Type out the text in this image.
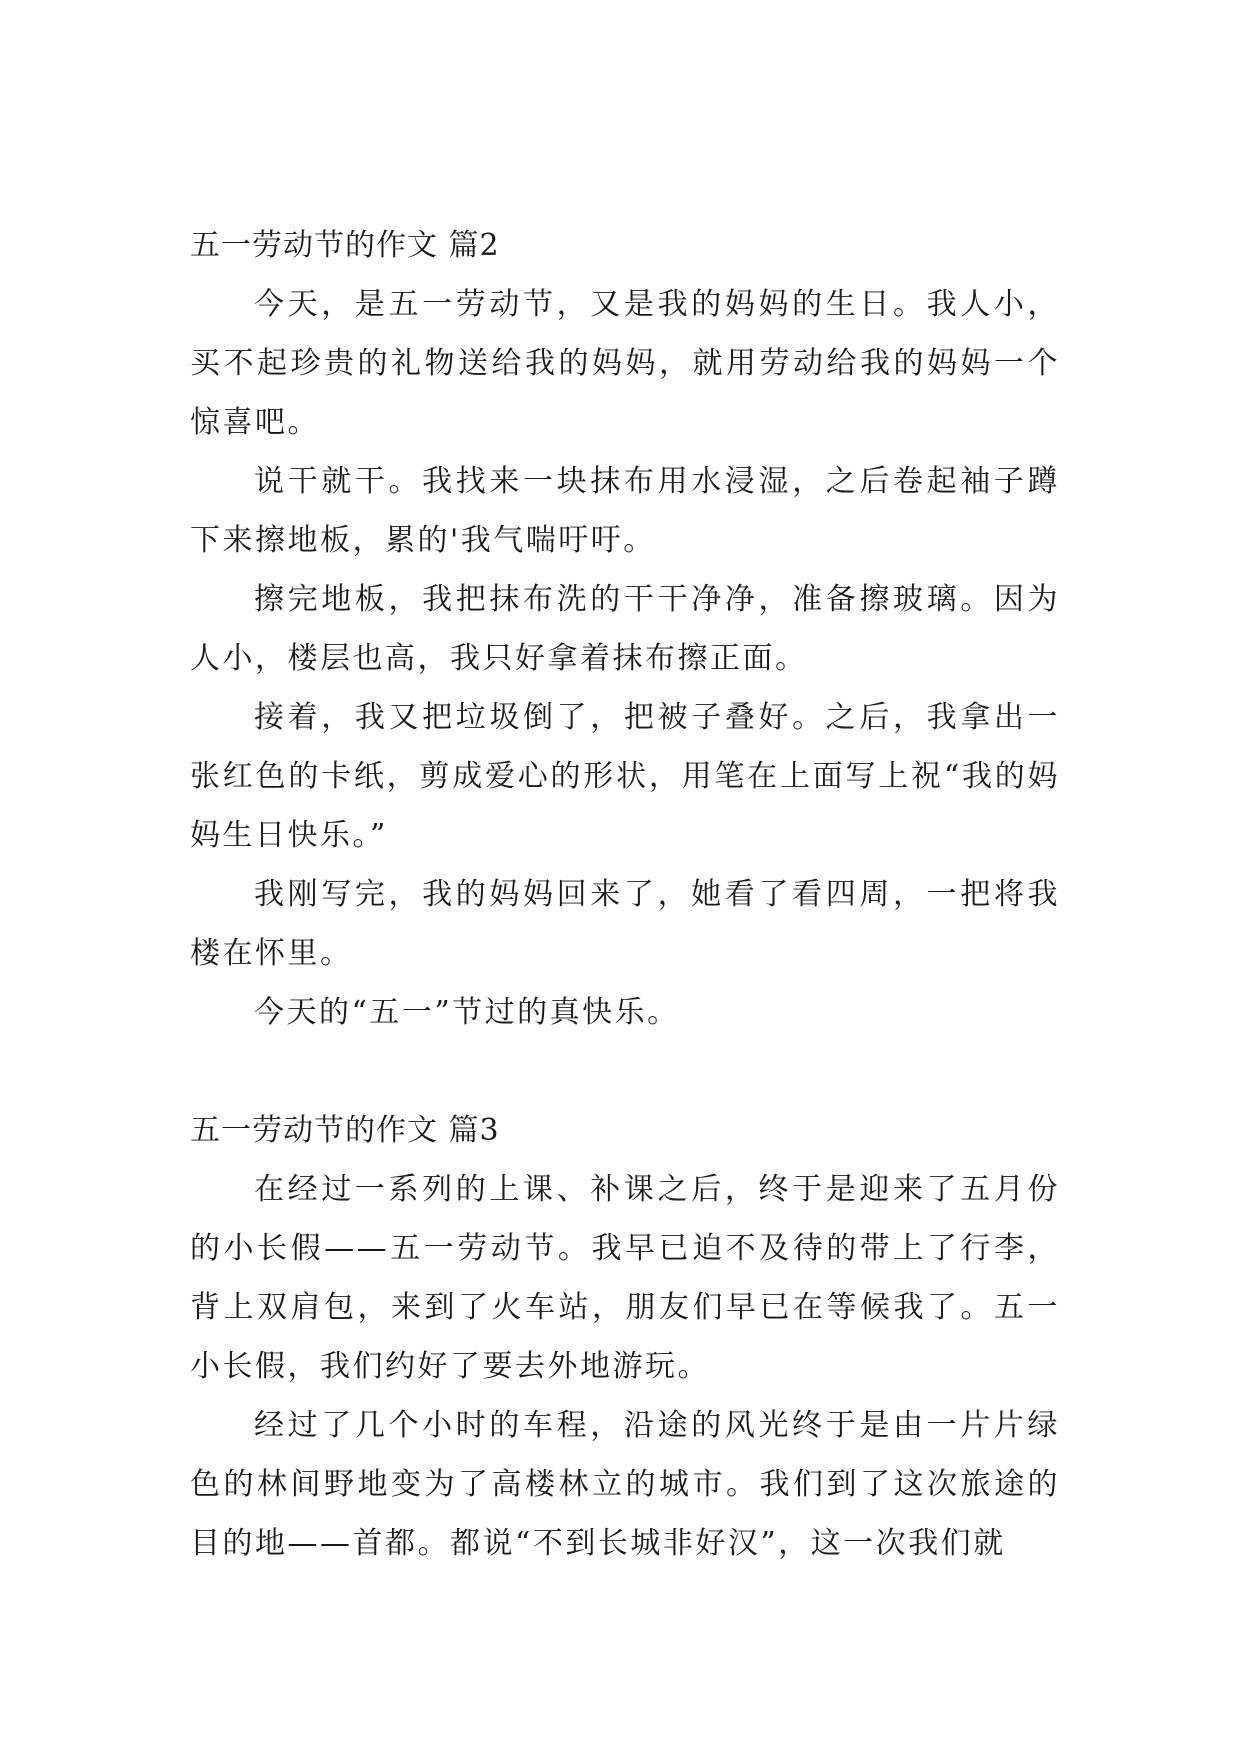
五一劳动节的作文 篇2

今天，是五一劳动节，又是我的妈妈的生日。我人小，买不起珍贵的礼物送给我的妈妈，就用劳动给我的妈妈一个惊喜吧。

说干就干。我找来一块抹布用水浸湿，之后卷起袖子蹲下来擦地板，累的'我气喘吁吁。

擦完地板，我把抹布洗的干干净净，准备擦玻璃。因为人小，楼层也高，我只好拿着抹布擦正面。

接着，我又把垃圾倒了，把被子叠好。之后，我拿出一张红色的卡纸，剪成爱心的形状，用笔在上面写上祝“我的妈妈生日快乐。”

我刚写完，我的妈妈回来了，她看了看四周，一把将我楼在怀里。

今天的“五一”节过的真快乐。

五一劳动节的作文 篇3

在经过一系列的上课、补课之后，终于是迎来了五月份的小长假——五一劳动节。我早已迫不及待的带上了行李，背上双肩包，来到了火车站，朋友们早已在等候我了。五一小长假，我们约好了要去外地游玩。

经过了几个小时的车程，沿途的风光终于是由一片片绿色的林间野地变为了高楼林立的城市。我们到了这次旅途的目的地——首都。都说“不到长城非好汉”，这一次我们就
